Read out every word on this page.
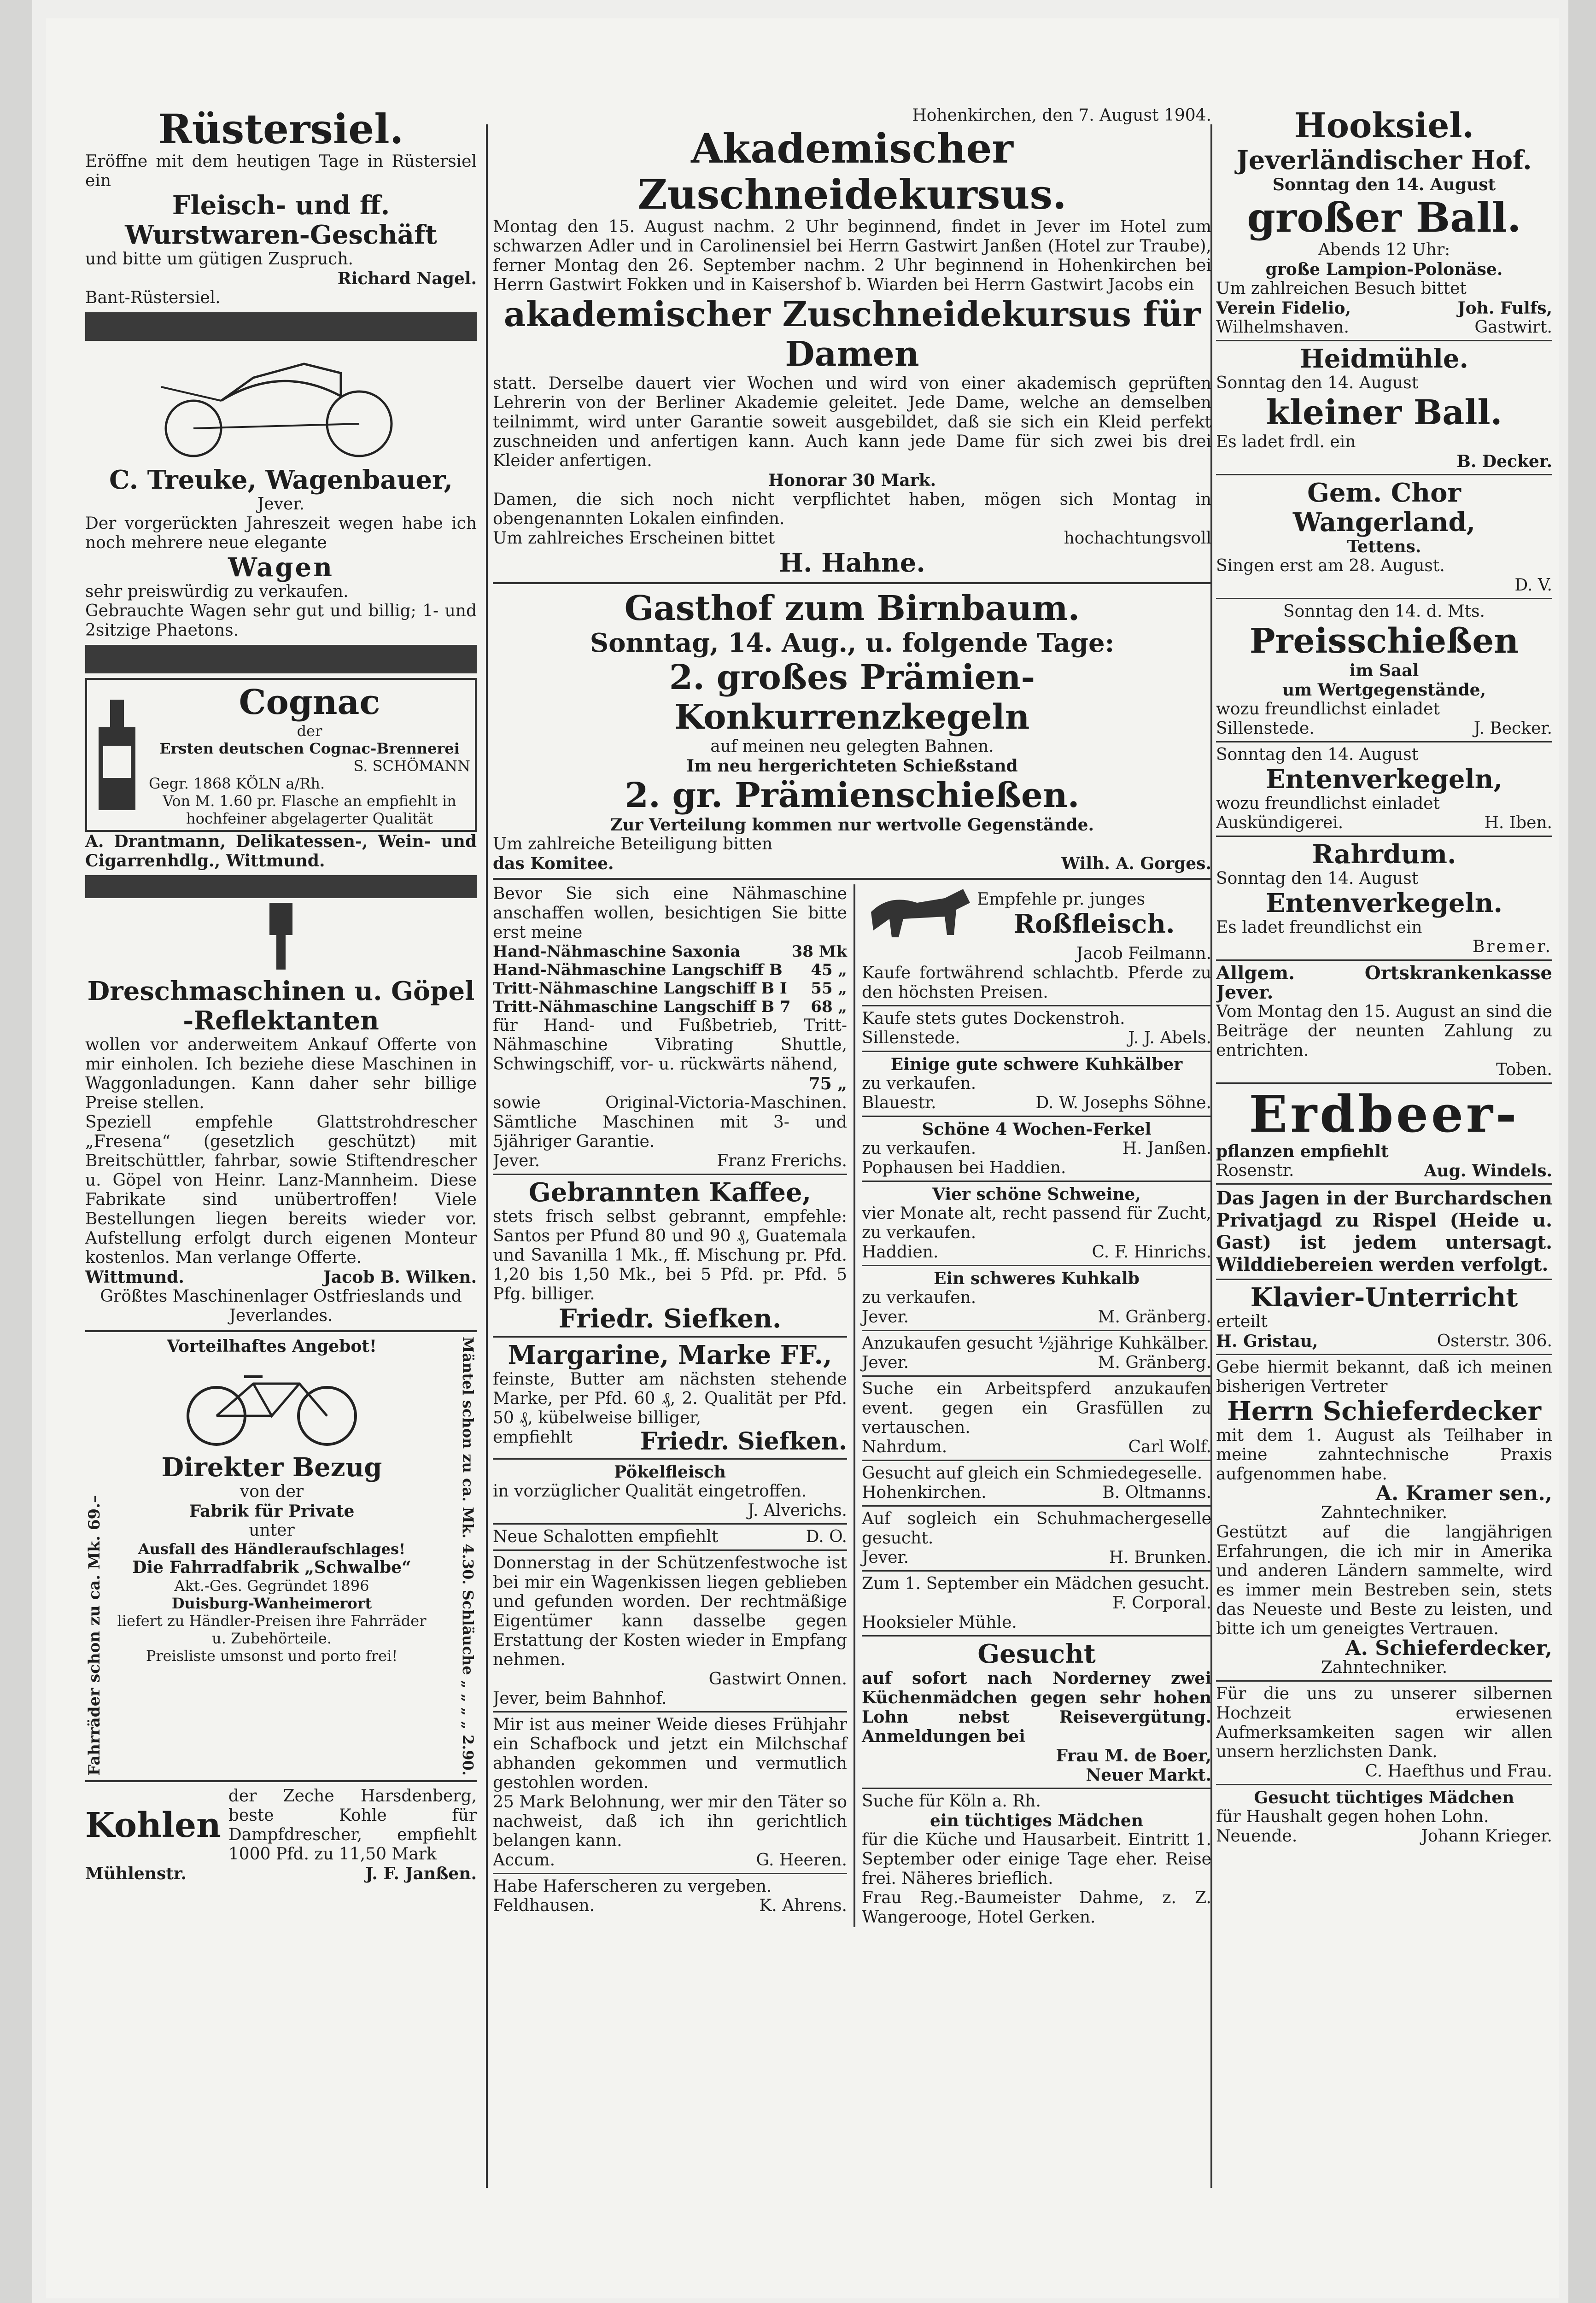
Rüstersiel.
Eröffne mit dem heutigen Tage in Rüstersiel ein
Fleisch- und ff. Wurstwaren-Geschäft
und bitte um gütigen Zuspruch.
Richard Nagel.
Bant-Rüstersiel.
C. Treuke, Wagenbauer,
Jever.
Der vorgerückten Jahreszeit wegen habe ich noch mehrere neue elegante
Wagen
sehr preiswürdig zu verkaufen.
Gebrauchte Wagen sehr gut und billig; 1- und 2sitzige Phaetons.
Cognac
der
Ersten deutschen Cognac-Brennerei
S. SCHÖMANN
Gegr. 1868 KÖLN a/Rh.
Von M. 1.60 pr. Flasche an empfiehlt in hochfeiner abgelagerter Qualität
A. Drantmann, Delikatessen-, Wein- und Cigarrenhdlg., Wittmund.
Dreschmaschinen u. Göpel
-Reflektanten
wollen vor anderweitem Ankauf Offerte von mir einholen. Ich beziehe diese Maschinen in Waggonladungen. Kann daher sehr billige Preise stellen.
Speziell empfehle Glattstrohdrescher „Fresena“ (gesetzlich geschützt) mit Breitschüttler, fahrbar, sowie Stiftendrescher u. Göpel von Heinr. Lanz-Mannheim. Diese Fabrikate sind unübertroffen! Viele Bestellungen liegen bereits wieder vor. Aufstellung erfolgt durch eigenen Monteur kostenlos. Man verlange Offerte.
Wittmund.	Jacob B. Wilken.
Größtes Maschinenlager Ostfrieslands und Jeverlandes.
Fahrräder schon zu ca. Mk. 69.–
Vorteilhaftes Angebot!
Direkter Bezug
von der
Fabrik für Private
unter
Ausfall des Händleraufschlages!
Die Fahrradfabrik „Schwalbe“
Akt.-Ges. Gegründet 1896
Duisburg-Wanheimerort
liefert zu Händler-Preisen ihre Fahrräder u. Zubehörteile.
Preisliste umsonst und porto frei!
Mäntel schon zu ca. Mk. 4.30. Schläuche „ „ „ „ 2.90.
Kohlen
der Zeche Harsdenberg, beste Kohle für Dampfdrescher, empfiehlt 1000 Pfd. zu 11,50 Mark
Mühlenstr.	J. F. Janßen.
Hohenkirchen, den 7. August 1904.
Akademischer Zuschneidekursus.
Montag den 15. August nachm. 2 Uhr beginnend, findet in Jever im Hotel zum schwarzen Adler und in Carolinensiel bei Herrn Gastwirt Janßen (Hotel zur Traube), ferner Montag den 26. September nachm. 2 Uhr beginnend in Hohenkirchen bei Herrn Gastwirt Fokken und in Kaisershof b. Wiarden bei Herrn Gastwirt Jacobs ein
akademischer Zuschneidekursus für Damen
statt. Derselbe dauert vier Wochen und wird von einer akademisch geprüften Lehrerin von der Berliner Akademie geleitet. Jede Dame, welche an demselben teilnimmt, wird unter Garantie soweit ausgebildet, daß sie sich ein Kleid perfekt zuschneiden und anfertigen kann. Auch kann jede Dame für sich zwei bis drei Kleider anfertigen.
Honorar 30 Mark.
Damen, die sich noch nicht verpflichtet haben, mögen sich Montag in obengenannten Lokalen einfinden.
Um zahlreiches Erscheinen bittet	hochachtungsvoll
H. Hahne.
Gasthof zum Birnbaum.
Sonntag, 14. Aug., u. folgende Tage:
2. großes Prämien-Konkurrenzkegeln
auf meinen neu gelegten Bahnen.
Im neu hergerichteten Schießstand
2. gr. Prämienschießen.
Zur Verteilung kommen nur wertvolle Gegenstände.
Um zahlreiche Beteiligung bitten
das Komitee.	Wilh. A. Gorges.
Bevor Sie sich eine Nähmaschine anschaffen wollen, besichtigen Sie bitte erst meine
Hand-Nähmaschine Saxonia	38 Mk
Hand-Nähmaschine Langschiff B 45 „
Tritt-Nähmaschine Langschiff B I 55 „
Tritt-Nähmaschine Langschiff B 7 68 „
für Hand- und Fußbetrieb, Tritt-Nähmaschine Vibrating Shuttle, Schwingschiff, vor- u. rückwärts nähend,
75 „
sowie Original-Victoria-Maschinen. Sämtliche Maschinen mit 3- und 5jähriger Garantie.
Jever.	Franz Frerichs.
Gebrannten Kaffee,
stets frisch selbst gebrannt, empfehle: Santos per Pfund 80 und 90 ₰, Guatemala und Savanilla 1 Mk., ff. Mischung pr. Pfd. 1,20 bis 1,50 Mk., bei 5 Pfd. pr. Pfd. 5 Pfg. billiger.
Friedr. Siefken.
Margarine, Marke FF.,
feinste, Butter am nächsten stehende Marke, per Pfd. 60 ₰, 2. Qualität per Pfd. 50 ₰, kübelweise billiger,
empfiehlt	Friedr. Siefken.
Pökelfleisch
in vorzüglicher Qualität eingetroffen.
J. Alverichs.
Neue Schalotten empfiehlt	D. O.
Donnerstag in der Schützenfestwoche ist bei mir ein Wagenkissen liegen geblieben und gefunden worden. Der rechtmäßige Eigentümer kann dasselbe gegen Erstattung der Kosten wieder in Empfang nehmen.
Gastwirt Onnen.
Jever, beim Bahnhof.
Mir ist aus meiner Weide dieses Frühjahr ein Schafbock und jetzt ein Milchschaf abhanden gekommen und vermutlich gestohlen worden.
25 Mark Belohnung, wer mir den Täter so nachweist, daß ich ihn gerichtlich belangen kann.
Accum.	G. Heeren.
Habe Haferscheren zu vergeben.
Feldhausen.	K. Ahrens.
Empfehle pr. junges
Roßfleisch.
Jacob Feilmann.
Kaufe fortwährend schlachtb. Pferde zu den höchsten Preisen.
Kaufe stets gutes Dockenstroh.
Sillenstede.	J. J. Abels.
Einige gute schwere Kuhkälber
zu verkaufen.
Blauestr.	D. W. Josephs Söhne.
Schöne 4 Wochen-Ferkel
zu verkaufen.	H. Janßen.
Pophausen bei Haddien.
Vier schöne Schweine,
vier Monate alt, recht passend für Zucht, zu verkaufen.
Haddien.	C. F. Hinrichs.
Ein schweres Kuhkalb
zu verkaufen.
Jever.	M. Gränberg.
Anzukaufen gesucht ½jährige Kuhkälber.
Jever.	M. Gränberg.
Suche ein Arbeitspferd anzukaufen event. gegen ein Grasfüllen zu vertauschen.
Nahrdum.	Carl Wolf.
Gesucht auf gleich ein Schmiedegeselle.
Hohenkirchen.	B. Oltmanns.
Auf sogleich ein Schuhmachergeselle gesucht.
Jever.	H. Brunken.
Zum 1. September ein Mädchen gesucht.
F. Corporal.
Hooksieler Mühle.
Gesucht
auf sofort nach Norderney zwei Küchenmädchen gegen sehr hohen Lohn nebst Reisevergütung. Anmeldungen bei
Frau M. de Boer,
Neuer Markt.
Suche für Köln a. Rh.
ein tüchtiges Mädchen
für die Küche und Hausarbeit. Eintritt 1. September oder einige Tage eher. Reise frei. Näheres brieflich.
Frau Reg.-Baumeister Dahme, z. Z. Wangerooge, Hotel Gerken.
Hooksiel.
Jeverländischer Hof.
Sonntag den 14. August
großer Ball.
Abends 12 Uhr:
große Lampion-Polonäse.
Um zahlreichen Besuch bittet
Verein Fidelio,	Joh. Fulfs,
Wilhelmshaven.	Gastwirt.
Heidmühle.
Sonntag den 14. August
kleiner Ball.
Es ladet frdl. ein
B. Decker.
Gem. Chor Wangerland,
Tettens.
Singen erst am 28. August.
D. V.
Sonntag den 14. d. Mts.
Preisschießen
im Saal
um Wertgegenstände,
wozu freundlichst einladet
Sillenstede.	J. Becker.
Sonntag den 14. August
Entenverkegeln,
wozu freundlichst einladet
Auskündigerei.	H. Iben.
Rahrdum.
Sonntag den 14. August
Entenverkegeln.
Es ladet freundlichst ein
Bremer.
Allgem. Ortskrankenkasse Jever.
Vom Montag den 15. August an sind die Beiträge der neunten Zahlung zu entrichten.
Toben.
Erdbeer-
pflanzen empfiehlt
Rosenstr.	Aug. Windels.
Das Jagen in der Burchardschen Privatjagd zu Rispel (Heide u. Gast) ist jedem untersagt. Wilddiebereien werden verfolgt.
Klavier-Unterricht
erteilt
H. Gristau,	Osterstr. 306.
Gebe hiermit bekannt, daß ich meinen bisherigen Vertreter
Herrn Schieferdecker
mit dem 1. August als Teilhaber in meine zahntechnische Praxis aufgenommen habe.
A. Kramer sen.,
Zahntechniker.
Gestützt auf die langjährigen Erfahrungen, die ich mir in Amerika und anderen Ländern sammelte, wird es immer mein Bestreben sein, stets das Neueste und Beste zu leisten, und bitte ich um geneigtes Vertrauen.
A. Schieferdecker,
Zahntechniker.
Für die uns zu unserer silbernen Hochzeit erwiesenen Aufmerksamkeiten sagen wir allen unsern herzlichsten Dank.
C. Haefthus und Frau.
Gesucht tüchtiges Mädchen
für Haushalt gegen hohen Lohn.
Neuende.	Johann Krieger.
